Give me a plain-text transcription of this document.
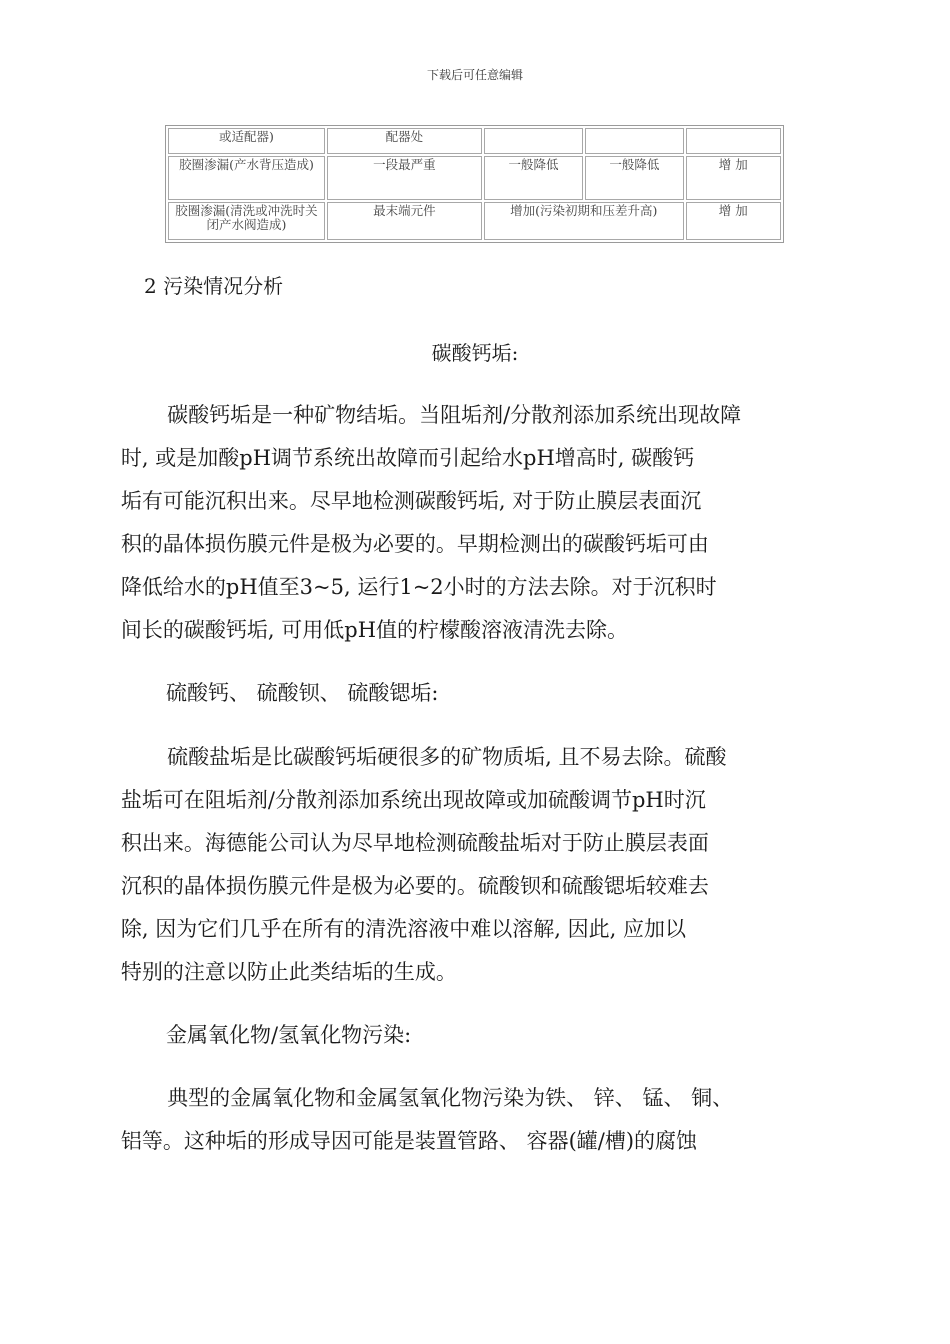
下载后可任意编辑
或适配器)	配器处			
胶圈渗漏(产水背压造成)	一段最严重	一般降低	一般降低	增 加
胶圈渗漏(清洗或冲洗时关闭产水阀造成)	最末端元件	增加(污染初期和压差升高)		增 加
2 污染情况分析
碳酸钙垢:
碳酸钙垢是一种矿物结垢。当阻垢剂/分散剂添加系统出现故障
时, 或是加酸pH调节系统出故障而引起给水pH增高时, 碳酸钙
垢有可能沉积出来。尽早地检测碳酸钙垢, 对于防止膜层表面沉
积的晶体损伤膜元件是极为必要的。早期检测出的碳酸钙垢可由
降低给水的pH值至3~5, 运行1~2小时的方法去除。对于沉积时
间长的碳酸钙垢, 可用低pH值的柠檬酸溶液清洗去除。
硫酸钙、 硫酸钡、 硫酸锶垢:
硫酸盐垢是比碳酸钙垢硬很多的矿物质垢, 且不易去除。硫酸
盐垢可在阻垢剂/分散剂添加系统出现故障或加硫酸调节pH时沉
积出来。海德能公司认为尽早地检测硫酸盐垢对于防止膜层表面
沉积的晶体损伤膜元件是极为必要的。硫酸钡和硫酸锶垢较难去
除, 因为它们几乎在所有的清洗溶液中难以溶解, 因此, 应加以
特别的注意以防止此类结垢的生成。
金属氧化物/氢氧化物污染:
典型的金属氧化物和金属氢氧化物污染为铁、 锌、 锰、 铜、
铝等。这种垢的形成导因可能是装置管路、 容器(罐/槽)的腐蚀
